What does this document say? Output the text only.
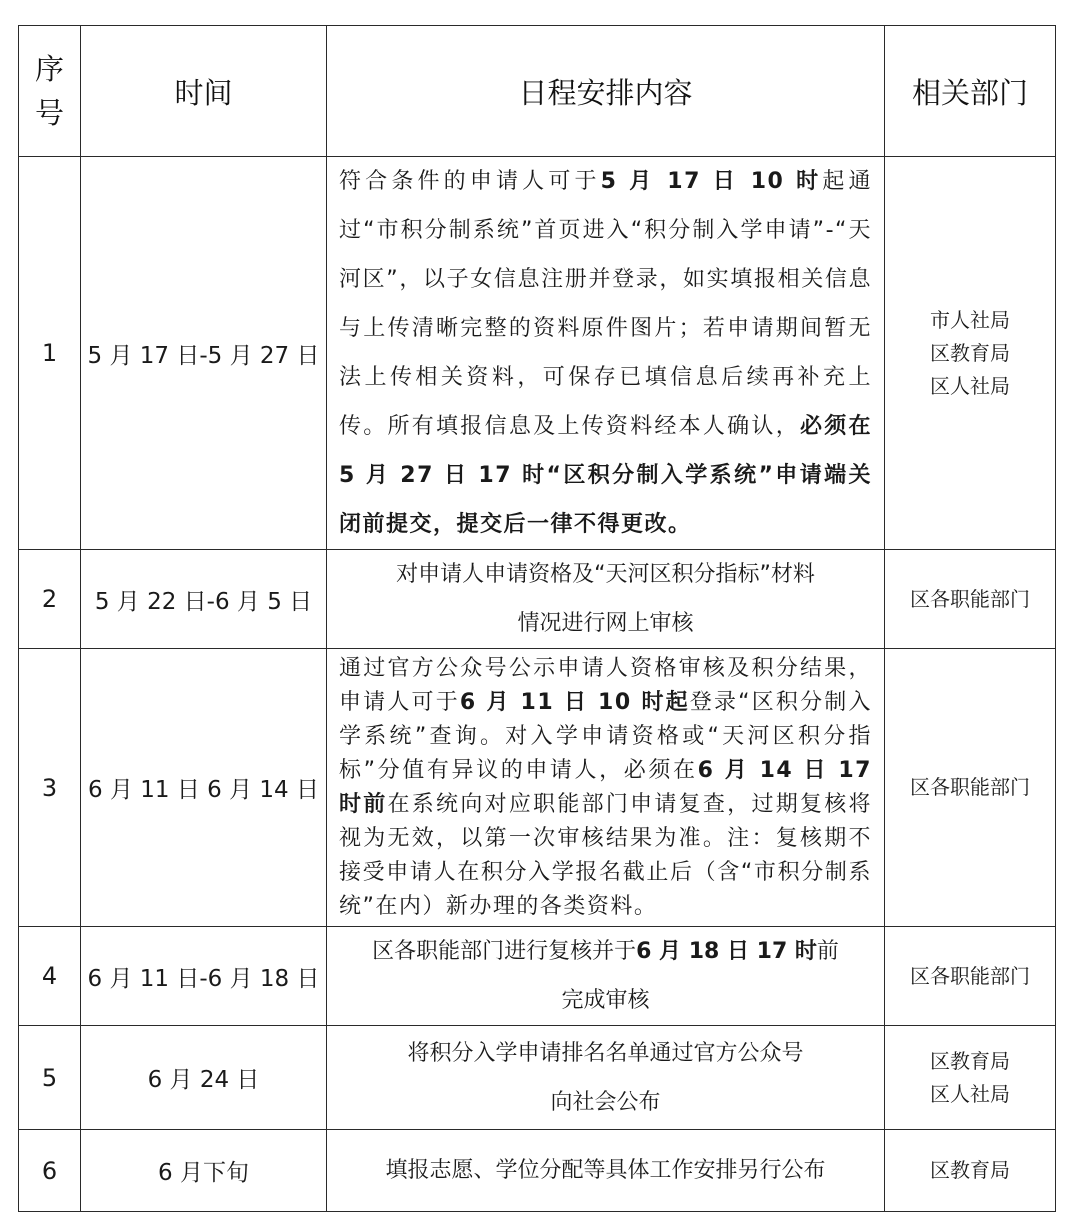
序
号	时间	日程安排内容	相关部门
1	5 月 17 日-5 月 27 日	符合条件的申请人可于5 月 17 日 10 时起通过“市积分制系统”首页进入“积分制入学申请”-“天河区”，以子女信息注册并登录，如实填报相关信息与上传清晰完整的资料原件图片；若申请期间暂无法上传相关资料，可保存已填信息后续再补充上传。所有填报信息及上传资料经本人确认，必须在 5 月 27 日 17 时“区积分制入学系统”申请端关闭前提交，提交后一律不得更改。	市人社局
区教育局
区人社局

2	5 月 22 日-6 月 5 日	对申请人申请资格及“天河区积分指标”材料
情况进行网上审核	区各职能部门

3	6 月 11 日 6 月 14 日	通过官方公众号公示申请人资格审核及积分结果，申请人可于6 月 11 日 10 时起登录“区积分制入学系统”查询。对入学申请资格或“天河区积分指标”分值有异议的申请人，必须在6 月 14 日 17 时前在系统向对应职能部门申请复查，过期复核将视为无效，以第一次审核结果为准。注：复核期不接受申请人在积分入学报名截止后（含“市积分制系统”在内）新办理的各类资料。	区各职能部门

4	6 月 11 日-6 月 18 日	区各职能部门进行复核并于6 月 18 日 17 时前
完成审核	区各职能部门

5	6 月 24 日	将积分入学申请排名名单通过官方公众号
向社会公布	区教育局
区人社局

6	6 月下旬	填报志愿、学位分配等具体工作安排另行公布	区教育局
